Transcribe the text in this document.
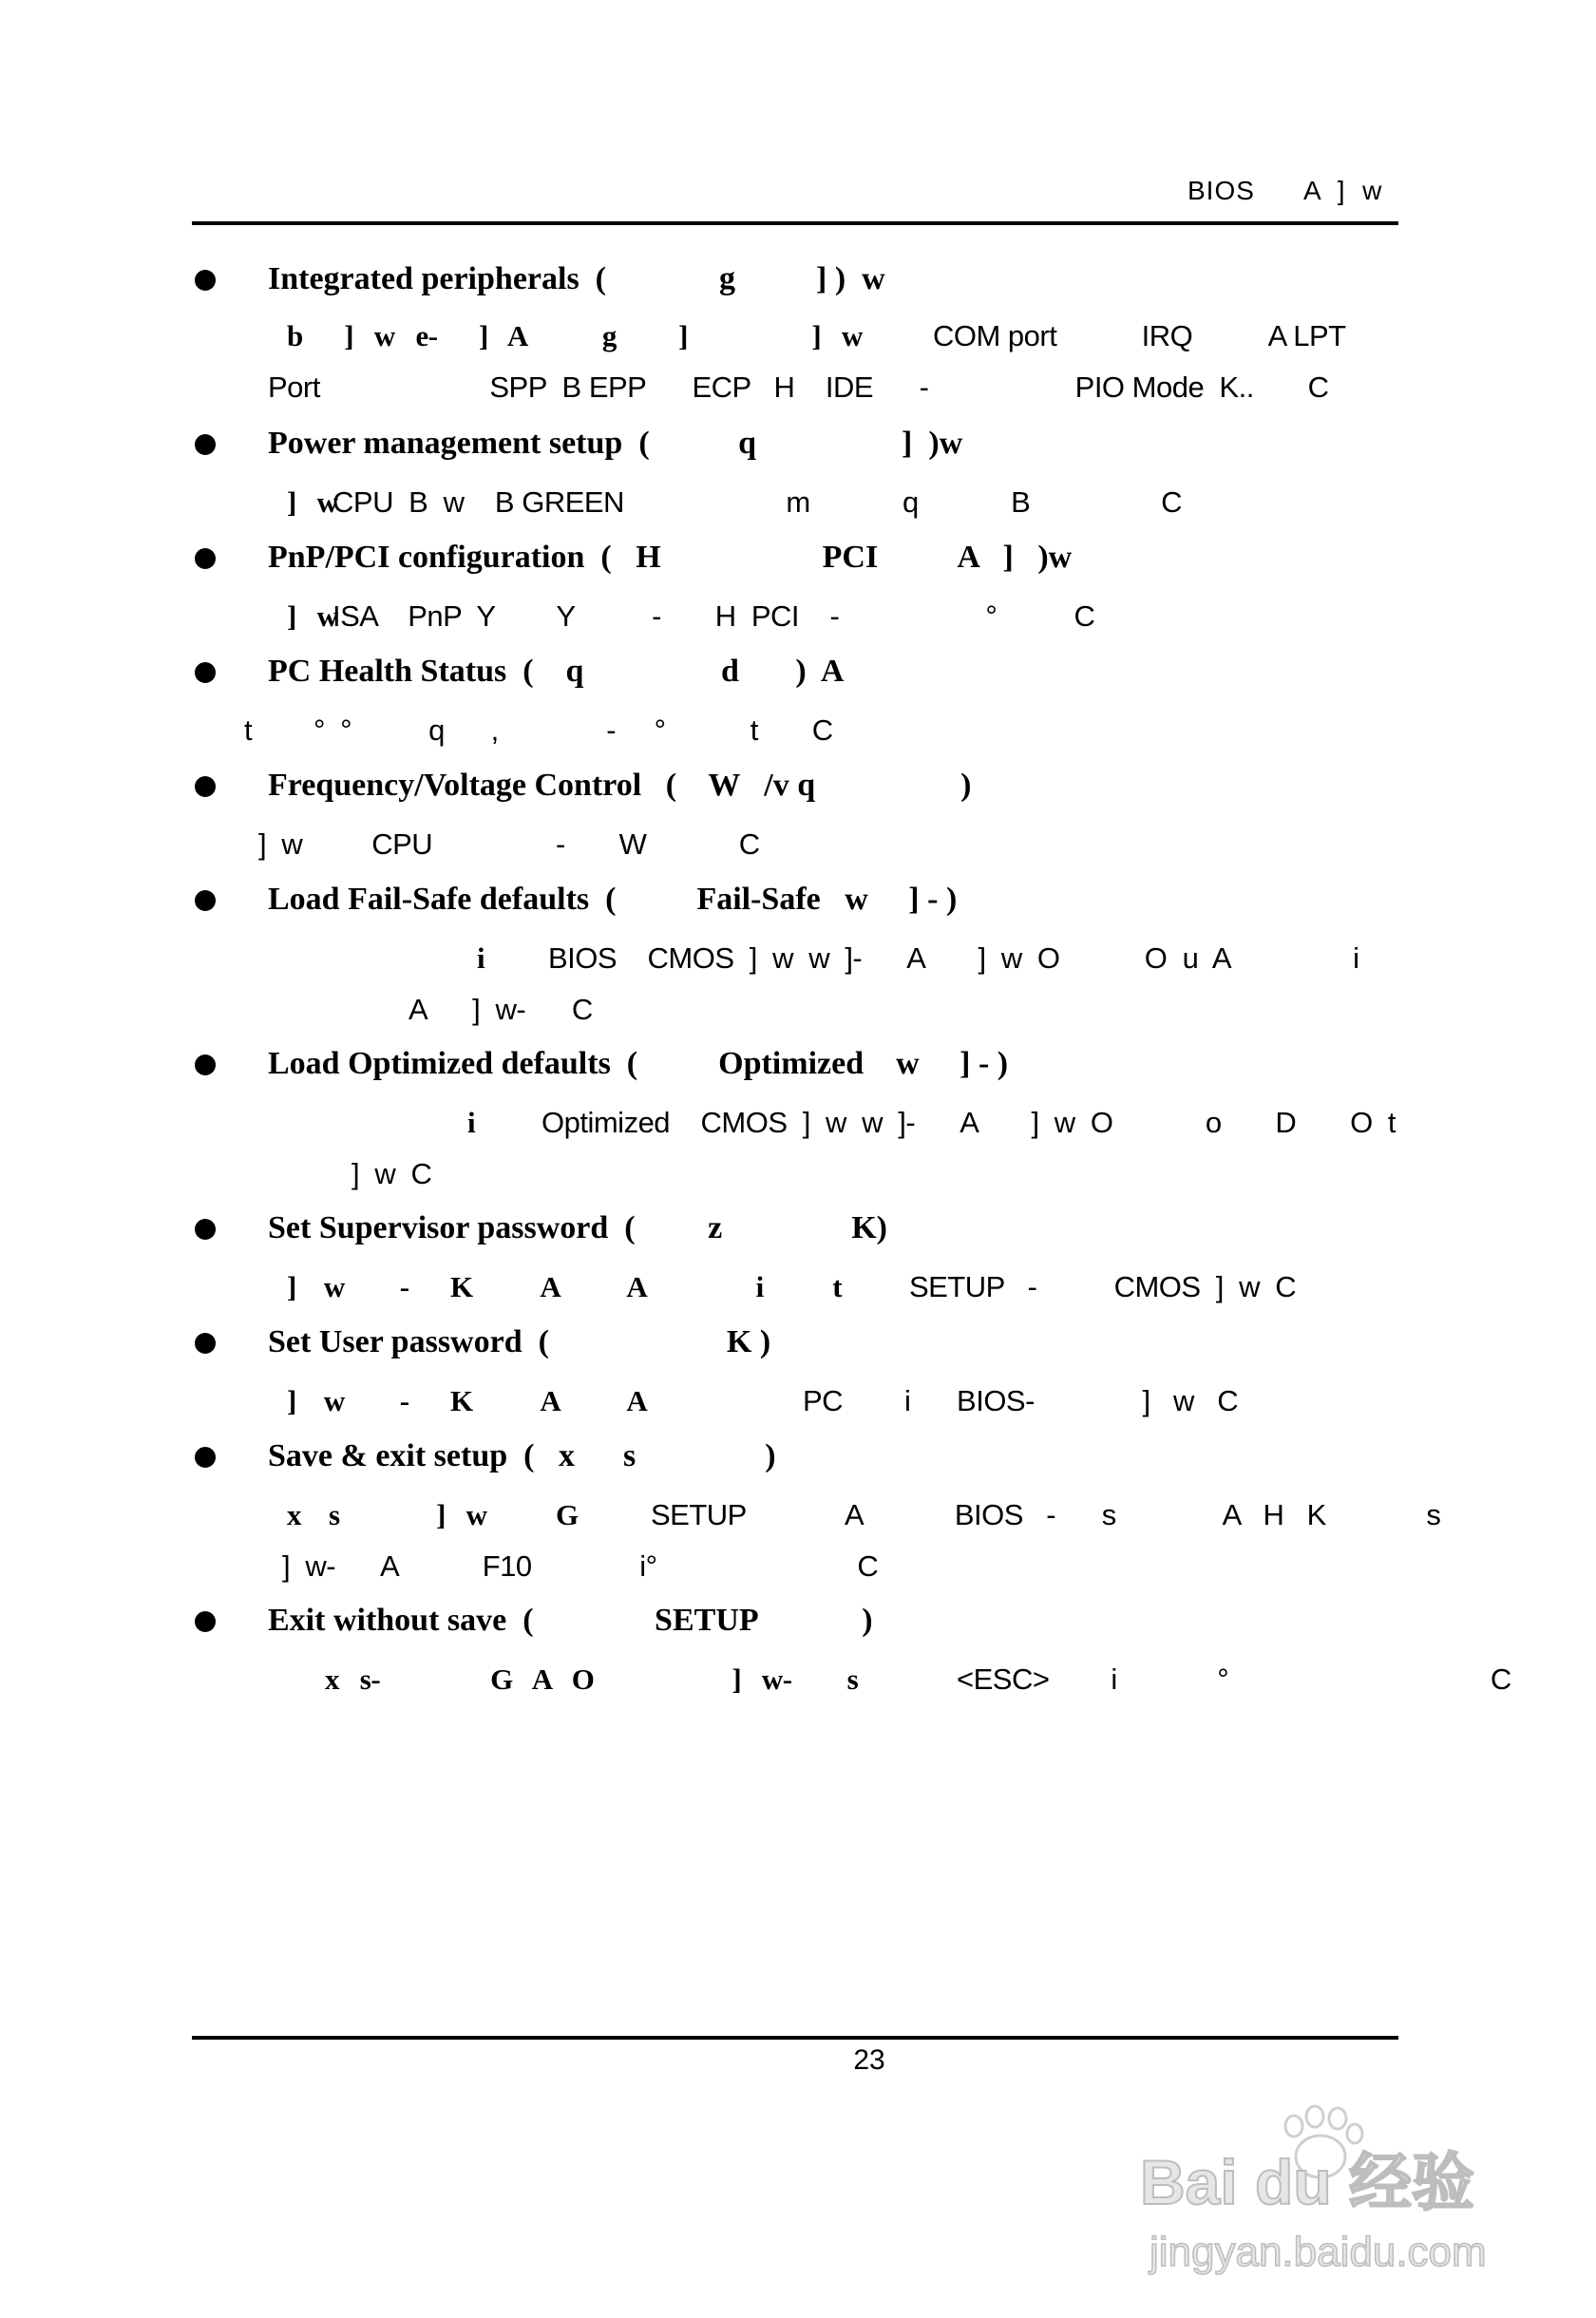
BIOS      A  ]  w
Integrated peripherals  (              g          ] )  w
b      ]   w   e-      ]   A           g         ]                  ]   w COM port           IRQ          A LPT
Port                      SPP  B EPP      ECP   H    IDE      -                   PIO Mode  K..       C
Power management setup  (           q                  ]  )w
]   w
CPU  B  w    B GREEN                     m            q            B                 C
PnP/PCI configuration  (   H                    PCI          A   ]   )w
]   w
ISA    PnP  Y        Y          -       H  PCI    -                   °          C
PC Health Status  (    q                 d       )  A
t        °  °          q      ,              -     °           t       C
Frequency/Voltage Control   (    W   /v q                  )
]  w         CPU                -       W            C
Load Fail-Safe defaults  (          Fail-Safe   w     ] - )
i BIOS    CMOS  ]  w  w  ]-      A       ]  w  O           O  u  A                i
A      ]  w-      C
Load Optimized defaults  (          Optimized    w     ] - )
i Optimized    CMOS  ]  w  w  ]-      A       ]  w  O            o       D       O  t
]  w  C
Set Supervisor password  (         z                K)
]    w        -      K          A          A                i          t SETUP   -          CMOS  ]  w  C
Set User password  (                      K )
]    w        -      K          A          A	PC        i      BIOS-              ]   w   C
Save & exit setup  (   x      s                )
x    s              ]   w          G SETUP             A            BIOS   -      s              A   H   K             s
]  w-      A           F10              i°                          C
Exit without save  (               SETUP             )
x   s-                G   A   O                    ]   w-        s	<ESC>        i             °                                  C
23
Bai du 经验
jingyan.baidu.com
